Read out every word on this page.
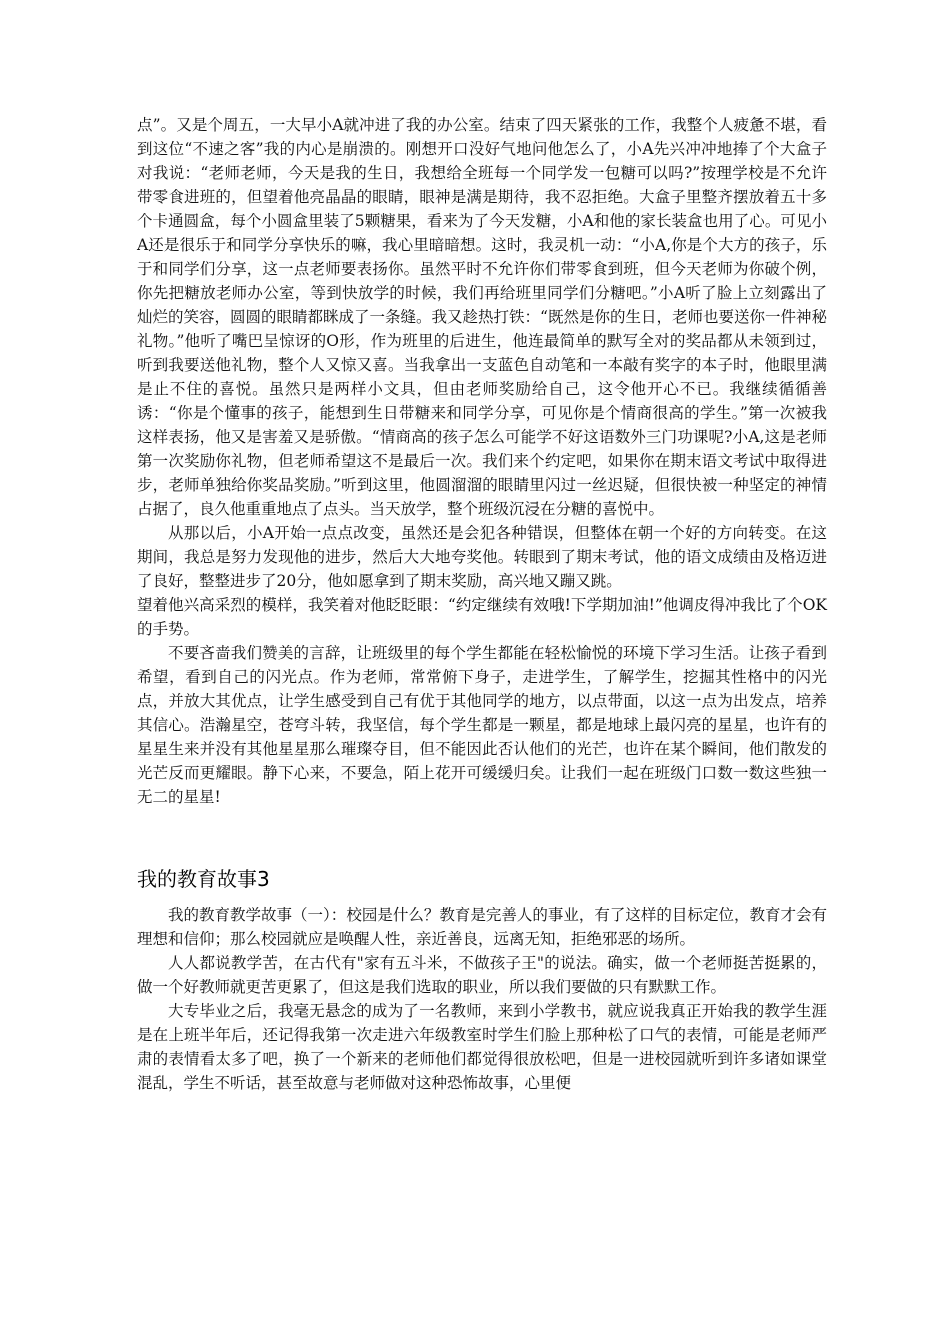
点”。又是个周五，一大早小A就冲进了我的办公室。结束了四天紧张的工作，我整个人疲惫不堪，看到这位“不速之客”我的内心是崩溃的。刚想开口没好气地问他怎么了，小A先兴冲冲地捧了个大盒子对我说：“老师老师，今天是我的生日，我想给全班每一个同学发一包糖可以吗?”按理学校是不允许带零食进班的，但望着他亮晶晶的眼睛，眼神是满是期待，我不忍拒绝。大盒子里整齐摆放着五十多个卡通圆盒，每个小圆盒里装了5颗糖果，看来为了今天发糖，小A和他的家长装盒也用了心。可见小A还是很乐于和同学分享快乐的嘛，我心里暗暗想。这时，我灵机一动：“小A,你是个大方的孩子，乐于和同学们分享，这一点老师要表扬你。虽然平时不允许你们带零食到班，但今天老师为你破个例，你先把糖放老师办公室，等到快放学的时候，我们再给班里同学们分糖吧。”小A听了脸上立刻露出了灿烂的笑容，圆圆的眼睛都眯成了一条缝。我又趁热打铁：“既然是你的生日，老师也要送你一件神秘礼物。”他听了嘴巴呈惊讶的O形，作为班里的后进生，他连最简单的默写全对的奖品都从未领到过，听到我要送他礼物，整个人又惊又喜。当我拿出一支蓝色自动笔和一本敲有奖字的本子时，他眼里满是止不住的喜悦。虽然只是两样小文具，但由老师奖励给自己，这令他开心不已。我继续循循善诱：“你是个懂事的孩子，能想到生日带糖来和同学分享，可见你是个情商很高的学生。”第一次被我这样表扬，他又是害羞又是骄傲。“情商高的孩子怎么可能学不好这语数外三门功课呢?小A,这是老师第一次奖励你礼物，但老师希望这不是最后一次。我们来个约定吧，如果你在期末语文考试中取得进步，老师单独给你奖品奖励。”听到这里，他圆溜溜的眼睛里闪过一丝迟疑，但很快被一种坚定的神情占据了，良久他重重地点了点头。当天放学，整个班级沉浸在分糖的喜悦中。

从那以后，小A开始一点点改变，虽然还是会犯各种错误，但整体在朝一个好的方向转变。在这期间，我总是努力发现他的进步，然后大大地夸奖他。转眼到了期末考试，他的语文成绩由及格迈进了良好，整整进步了20分，他如愿拿到了期末奖励，高兴地又蹦又跳。

望着他兴高采烈的模样，我笑着对他眨眨眼：“约定继续有效哦!下学期加油!”他调皮得冲我比了个OK的手势。

不要吝啬我们赞美的言辞，让班级里的每个学生都能在轻松愉悦的环境下学习生活。让孩子看到希望，看到自己的闪光点。作为老师，常常俯下身子，走进学生，了解学生，挖掘其性格中的闪光点，并放大其优点，让学生感受到自己有优于其他同学的地方，以点带面，以这一点为出发点，培养其信心。浩瀚星空，苍穹斗转，我坚信，每个学生都是一颗星，都是地球上最闪亮的星星，也许有的星星生来并没有其他星星那么璀璨夺目，但不能因此否认他们的光芒，也许在某个瞬间，他们散发的光芒反而更耀眼。静下心来，不要急，陌上花开可缓缓归矣。让我们一起在班级门口数一数这些独一无二的星星!

我的教育故事3

我的教育教学故事（一）：校园是什么？教育是完善人的事业，有了这样的目标定位，教育才会有理想和信仰；那么校园就应是唤醒人性，亲近善良，远离无知，拒绝邪恶的场所。

人人都说教学苦，在古代有"家有五斗米，不做孩子王"的说法。确实，做一个老师挺苦挺累的，做一个好教师就更苦更累了，但这是我们选取的职业，所以我们要做的只有默默工作。

大专毕业之后，我毫无悬念的成为了一名教师，来到小学教书，就应说我真正开始我的教学生涯是在上班半年后，还记得我第一次走进六年级教室时学生们脸上那种松了口气的表情，可能是老师严肃的表情看太多了吧，换了一个新来的老师他们都觉得很放松吧，但是一进校园就听到许多诸如课堂混乱，学生不听话，甚至故意与老师做对这种恐怖故事，心里便
